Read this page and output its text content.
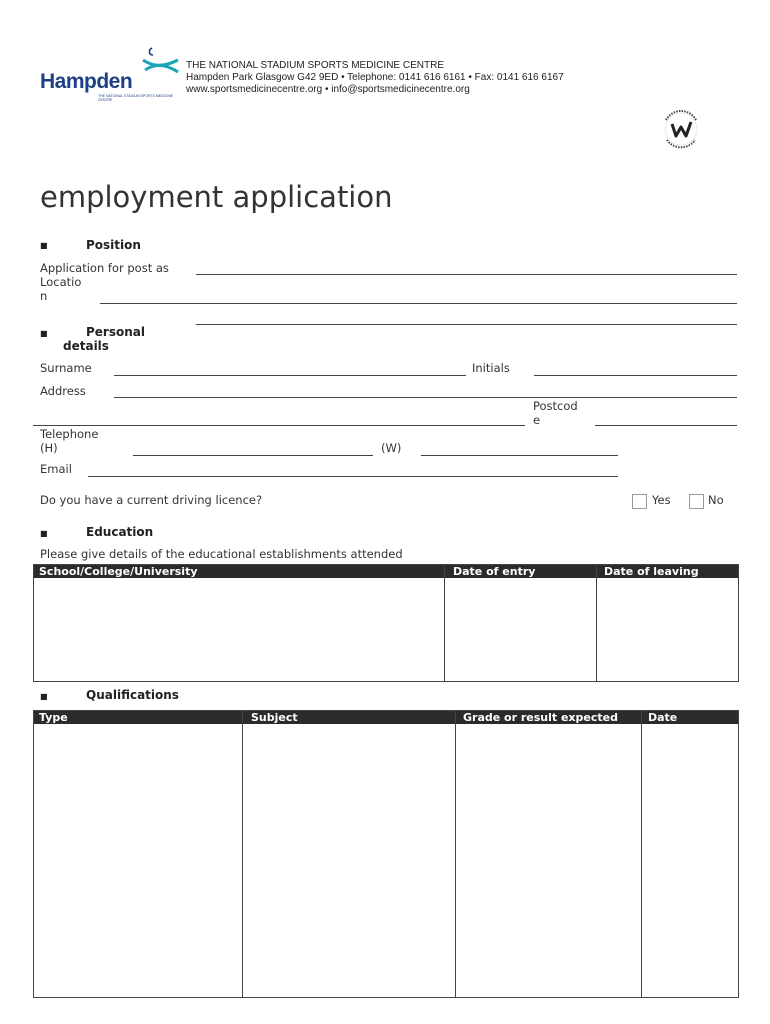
Hampden
THE NATIONAL STADIUM SPORTS MEDICINE CENTRE
THE NATIONAL STADIUM SPORTS MEDICINE CENTRE
Hampden Park Glasgow G42 9ED • Telephone: 0141 616 6161 • Fax: 0141 616 6167
www.sportsmedicinecentre.org • info@sportsmedicinecentre.org
employment application
■	Position
Application for post as
Locatio
n
■	Personal
details
Surname	Initials
Address
Postcod
e
Telephone
(H)	(W)
Email
Do you have a current driving licence?	Yes	No
■	Education
Please give details of the educational establishments attended
School/College/University	Date of entry	Date of leaving
■	Qualifications
Type	Subject	Grade or result expected	Date
